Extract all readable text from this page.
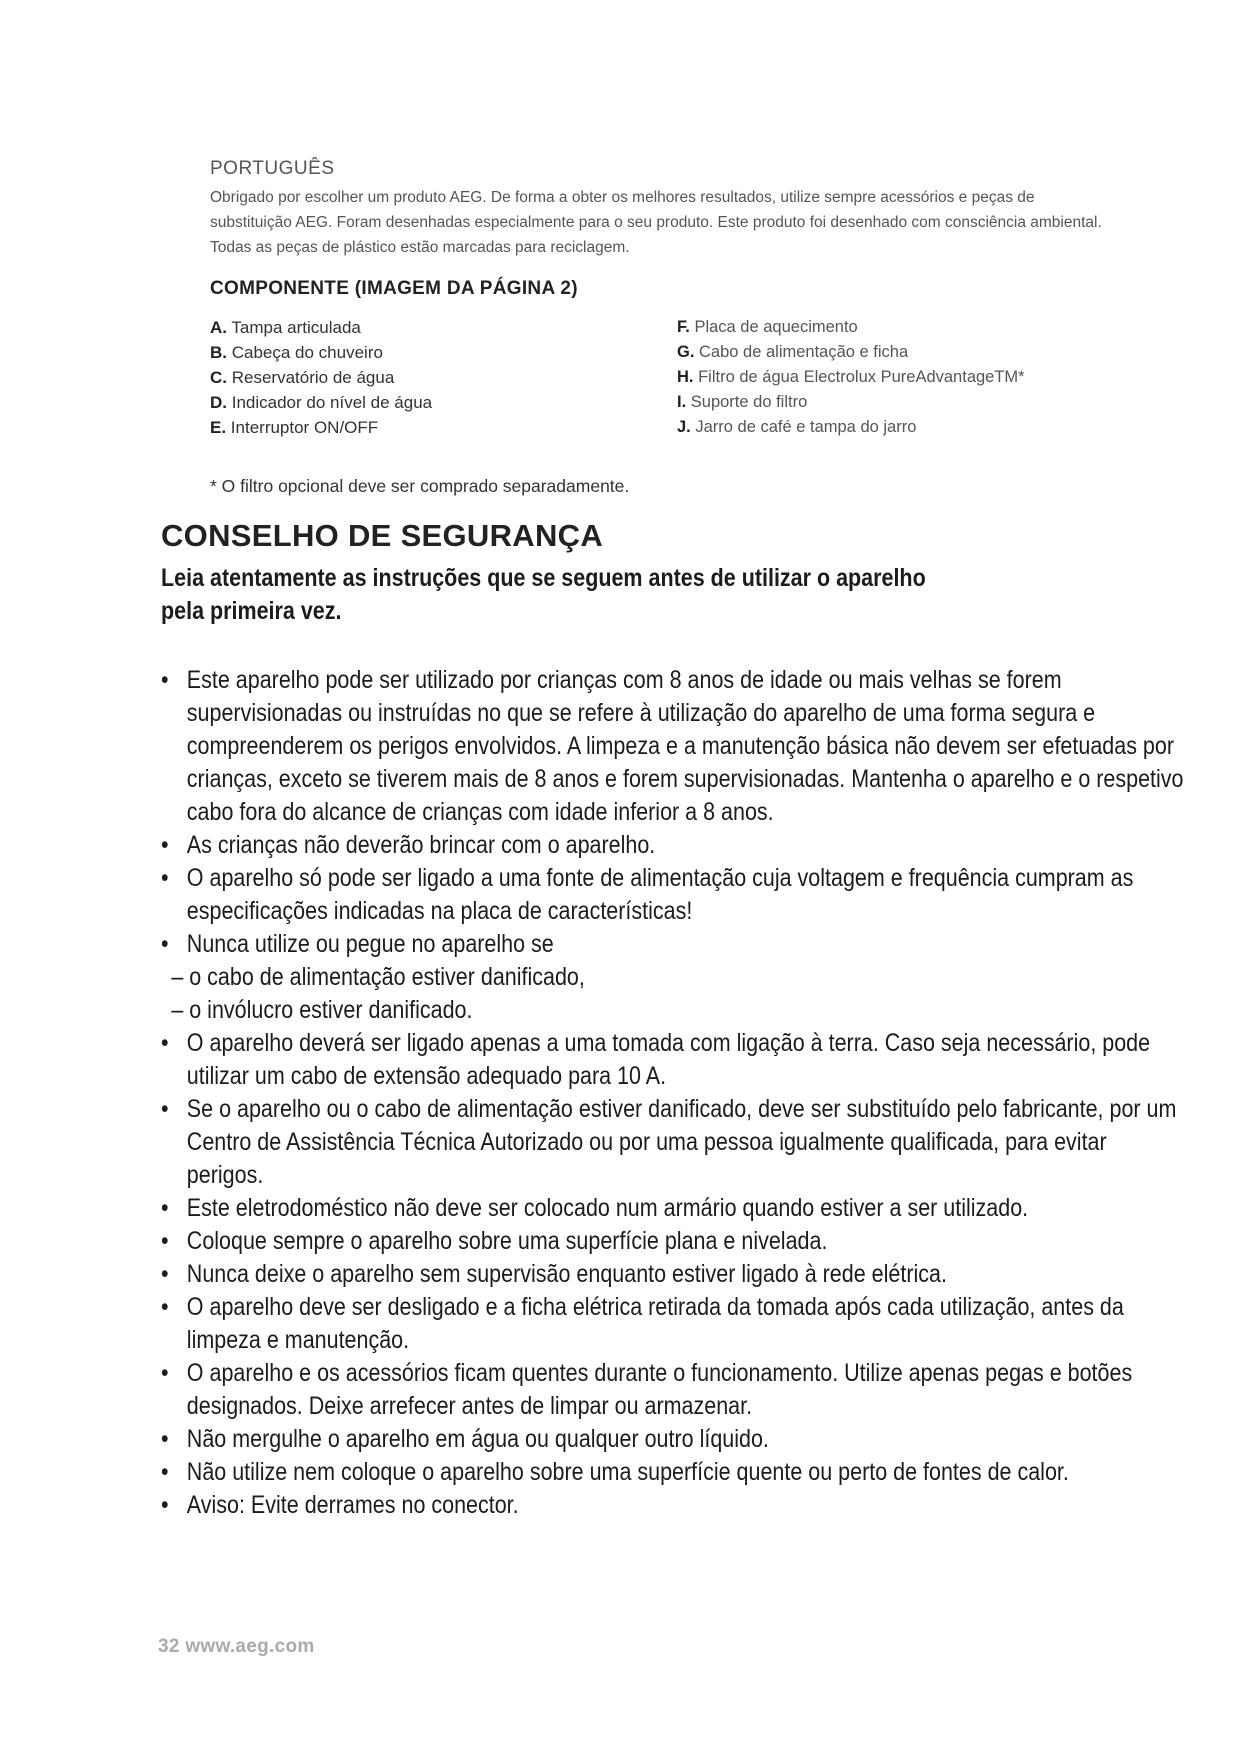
PORTUGUÊS
Obrigado por escolher um produto AEG. De forma a obter os melhores resultados, utilize sempre acessórios e peças de substituição AEG. Foram desenhadas especialmente para o seu produto. Este produto foi desenhado com consciência ambiental. Todas as peças de plástico estão marcadas para reciclagem.
COMPONENTE (IMAGEM DA PÁGINA 2)
A. Tampa articulada
B. Cabeça do chuveiro
C. Reservatório de água
D. Indicador do nível de água
E. Interruptor ON/OFF
F. Placa de aquecimento
G. Cabo de alimentação e ficha
H. Filtro de água Electrolux PureAdvantageTM*
I. Suporte do filtro
J. Jarro de café e tampa do jarro
* O filtro opcional deve ser comprado separadamente.
CONSELHO DE SEGURANÇA
Leia atentamente as instruções que se seguem antes de utilizar o aparelho pela primeira vez.
• Este aparelho pode ser utilizado por crianças com 8 anos de idade ou mais velhas se forem supervisionadas ou instruídas no que se refere à utilização do aparelho de uma forma segura e compreenderem os perigos envolvidos. A limpeza e a manutenção básica não devem ser efetuadas por crianças, exceto se tiverem mais de 8 anos e forem supervisionadas. Mantenha o aparelho e o respetivo cabo fora do alcance de crianças com idade inferior a 8 anos.
• As crianças não deverão brincar com o aparelho.
• O aparelho só pode ser ligado a uma fonte de alimentação cuja voltagem e frequência cumpram as especificações indicadas na placa de características!
• Nunca utilize ou pegue no aparelho se
– o cabo de alimentação estiver danificado,
– o invólucro estiver danificado.
• O aparelho deverá ser ligado apenas a uma tomada com ligação à terra. Caso seja necessário, pode utilizar um cabo de extensão adequado para 10 A.
• Se o aparelho ou o cabo de alimentação estiver danificado, deve ser substituído pelo fabricante, por um Centro de Assistência Técnica Autorizado ou por uma pessoa igualmente qualificada, para evitar perigos.
• Este eletrodoméstico não deve ser colocado num armário quando estiver a ser utilizado.
• Coloque sempre o aparelho sobre uma superfície plana e nivelada.
• Nunca deixe o aparelho sem supervisão enquanto estiver ligado à rede elétrica.
• O aparelho deve ser desligado e a ficha elétrica retirada da tomada após cada utilização, antes da limpeza e manutenção.
• O aparelho e os acessórios ficam quentes durante o funcionamento. Utilize apenas pegas e botões designados. Deixe arrefecer antes de limpar ou armazenar.
• Não mergulhe o aparelho em água ou qualquer outro líquido.
• Não utilize nem coloque o aparelho sobre uma superfície quente ou perto de fontes de calor.
• Aviso: Evite derrames no conector.
32 www.aeg.com
